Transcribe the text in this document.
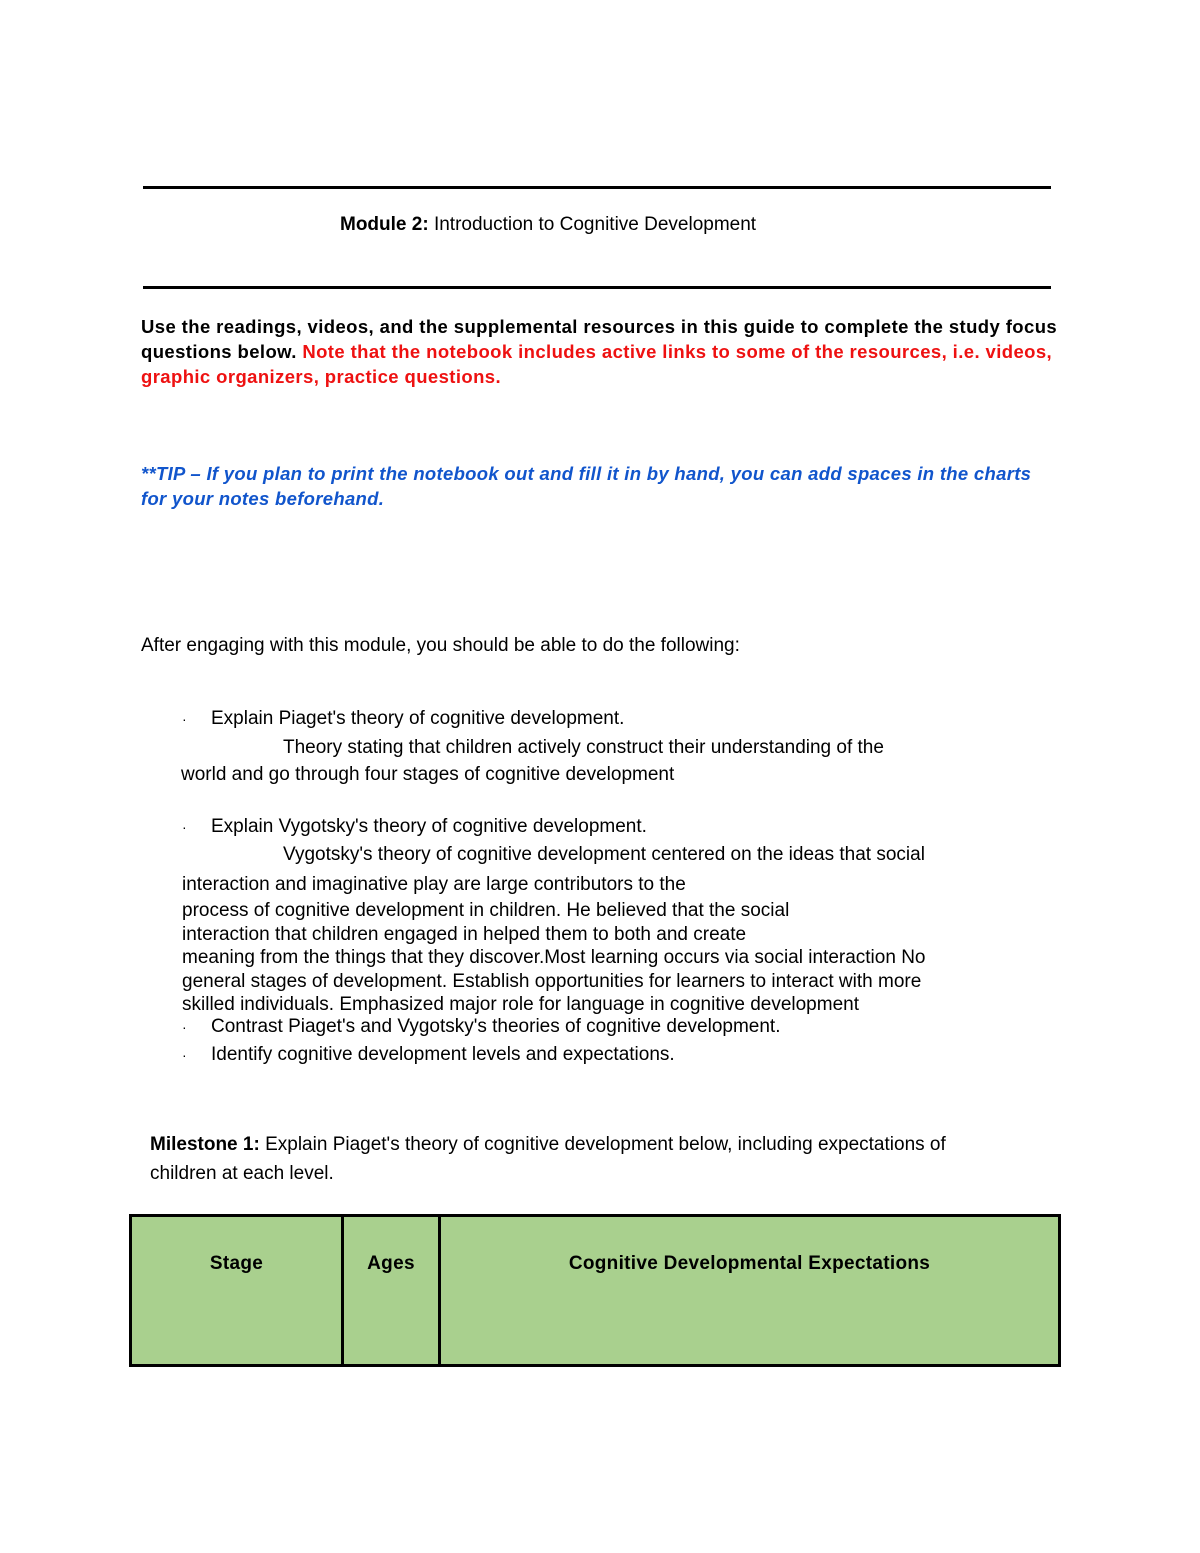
Module 2: Introduction to Cognitive Development
Use the readings, videos, and the supplemental resources in this guide to complete the study focus questions below. Note that the notebook includes active links to some of the resources, i.e. videos, graphic organizers, practice questions.
**TIP – If you plan to print the notebook out and fill it in by hand, you can add spaces in the charts for your notes beforehand.
After engaging with this module, you should be able to do the following:
· Explain Piaget's theory of cognitive development.
Theory stating that children actively construct their understanding of the
world and go through four stages of cognitive development
· Explain Vygotsky's theory of cognitive development.
Vygotsky's theory of cognitive development centered on the ideas that social
interaction and imaginative play are large contributors to the
process of cognitive development in children. He believed that the social
interaction that children engaged in helped them to both and create
meaning from the things that they discover.Most learning occurs via social interaction No
general stages of development. Establish opportunities for learners to interact with more
skilled individuals. Emphasized major role for language in cognitive development
· Contrast Piaget's and Vygotsky's theories of cognitive development.
· Identify cognitive development levels and expectations.
Milestone 1: Explain Piaget's theory of cognitive development below, including expectations of children at each level.
Stage	Ages	Cognitive Developmental Expectations
